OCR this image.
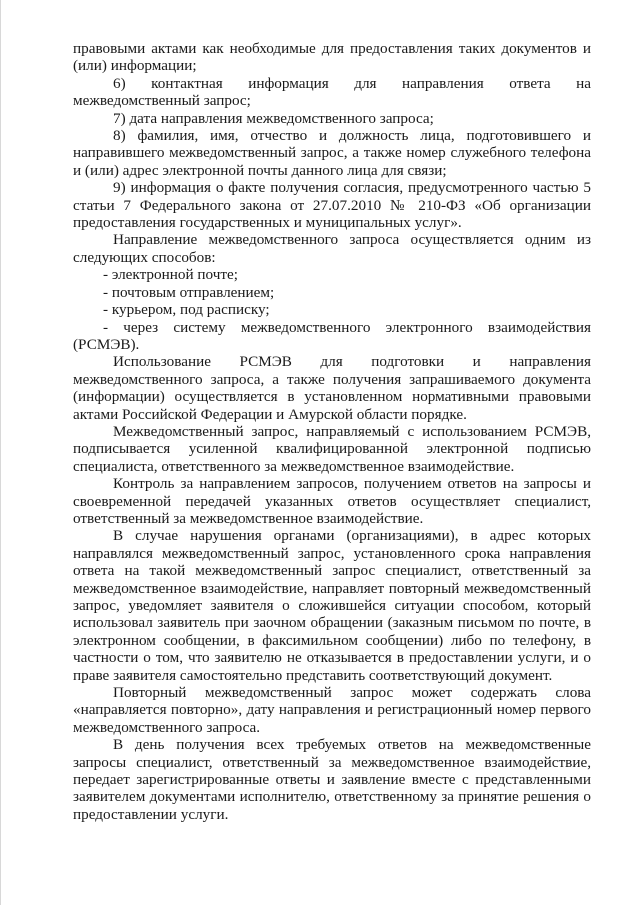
правовыми актами как необходимые для предоставления таких документов и (или) информации;

6) контактная информация для направления ответа на межведомственный запрос;

7) дата направления межведомственного запроса;

8) фамилия, имя, отчество и должность лица, подготовившего и направившего межведомственный запрос, а также номер служебного телефона и (или) адрес электронной почты данного лица для связи;

9) информация о факте получения согласия, предусмотренного частью 5 статьи 7 Федерального закона от 27.07.2010 № 210-ФЗ «Об организации предоставления государственных и муниципальных услуг».

Направление межведомственного запроса осуществляется одним из следующих способов:

- электронной почте;

- почтовым отправлением;

- курьером, под расписку;

- через систему межведомственного электронного взаимодействия (РСМЭВ).

Использование РСМЭВ для подготовки и направления межведомственного запроса, а также получения запрашиваемого документа (информации) осуществляется в установленном нормативными правовыми актами Российской Федерации и Амурской области порядке.

Межведомственный запрос, направляемый с использованием РСМЭВ, подписывается усиленной квалифицированной электронной подписью специалиста, ответственного за межведомственное взаимодействие.

Контроль за направлением запросов, получением ответов на запросы и своевременной передачей указанных ответов осуществляет специалист, ответственный за межведомственное взаимодействие.

В случае нарушения органами (организациями), в адрес которых направлялся межведомственный запрос, установленного срока направления ответа на такой межведомственный запрос специалист, ответственный за межведомственное взаимодействие, направляет повторный межведомственный запрос, уведомляет заявителя о сложившейся ситуации способом, который использовал заявитель при заочном обращении (заказным письмом по почте, в электронном сообщении, в факсимильном сообщении) либо по телефону, в частности о том, что заявителю не отказывается в предоставлении услуги, и о праве заявителя самостоятельно представить соответствующий документ.

Повторный межведомственный запрос может содержать слова «направляется повторно», дату направления и регистрационный номер первого межведомственного запроса.

В день получения всех требуемых ответов на межведомственные запросы специалист, ответственный за межведомственное взаимодействие, передает зарегистрированные ответы и заявление вместе с представленными заявителем документами исполнителю, ответственному за принятие решения о предоставлении услуги.
